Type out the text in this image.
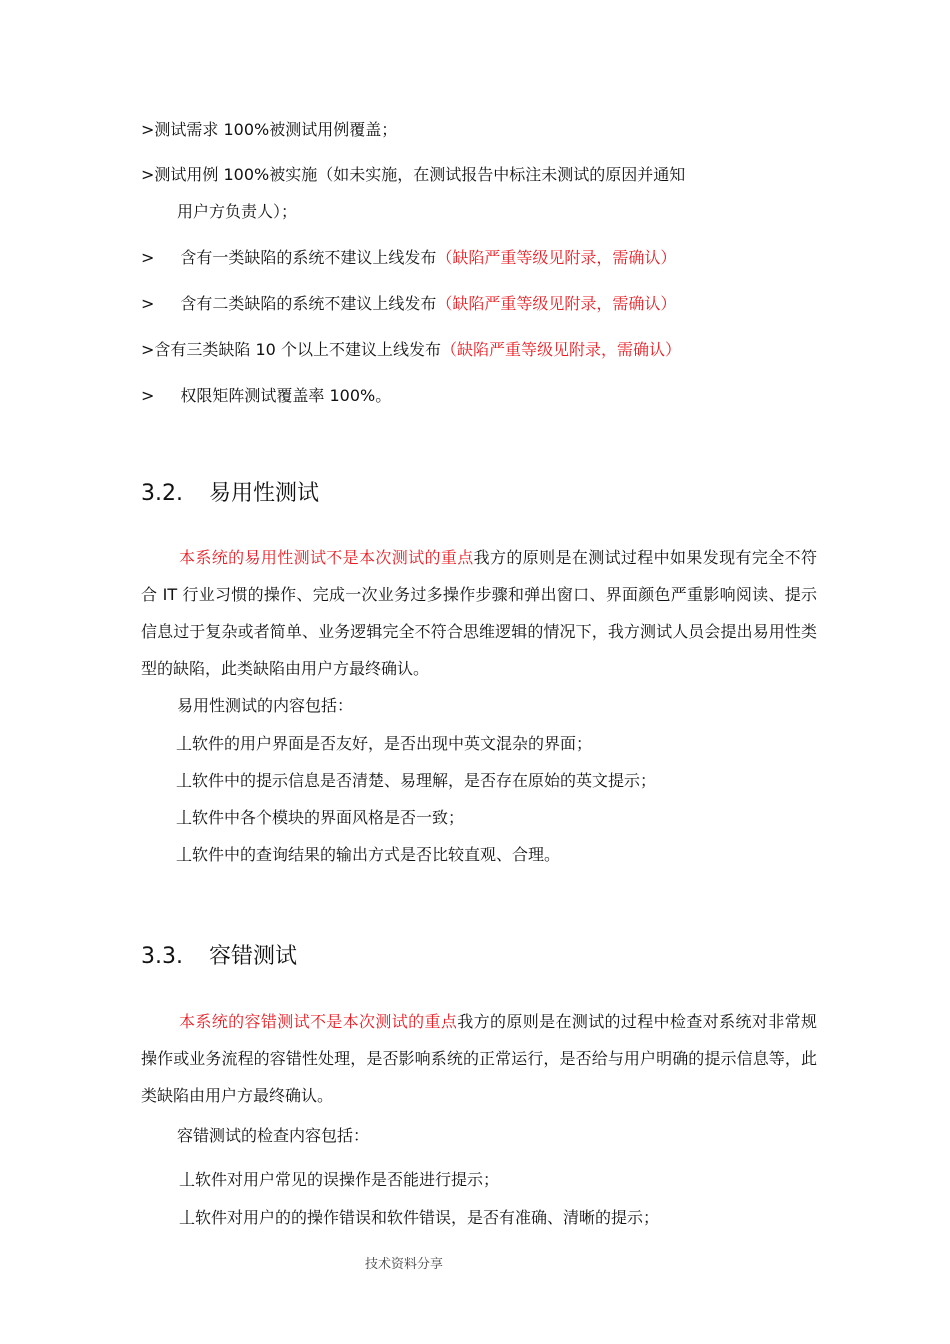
>测试需求 100%被测试用例覆盖；
>测试用例 100%被实施（如未实施，在测试报告中标注未测试的原因并通知
用户方负责人）；
> 含有一类缺陷的系统不建议上线发布（缺陷严重等级见附录，需确认）
> 含有二类缺陷的系统不建议上线发布（缺陷严重等级见附录，需确认）
>含有三类缺陷 10 个以上不建议上线发布（缺陷严重等级见附录，需确认）
> 权限矩阵测试覆盖率 100%。
3.2. 易用性测试
本系统的易用性测试不是本次测试的重点我方的原则是在测试过程中如果发现有完全不符合 IT 行业习惯的操作、完成一次业务过多操作步骤和弹出窗口、界面颜色严重影响阅读、提示信息过于复杂或者简单、业务逻辑完全不符合思维逻辑的情况下，我方测试人员会提出易用性类型的缺陷，此类缺陷由用户方最终确认。
易用性测试的内容包括：
丄软件的用户界面是否友好，是否出现中英文混杂的界面；
丄软件中的提示信息是否清楚、易理解，是否存在原始的英文提示；
丄软件中各个模块的界面风格是否一致；
丄软件中的查询结果的输出方式是否比较直观、合理。
3.3. 容错测试
本系统的容错测试不是本次测试的重点我方的原则是在测试的过程中检查对系统对非常规操作或业务流程的容错性处理，是否影响系统的正常运行，是否给与用户明确的提示信息等，此类缺陷由用户方最终确认。
容错测试的检查内容包括：
丄软件对用户常见的误操作是否能进行提示；
丄软件对用户的的操作错误和软件错误，是否有准确、清晰的提示；
技术资料分享
